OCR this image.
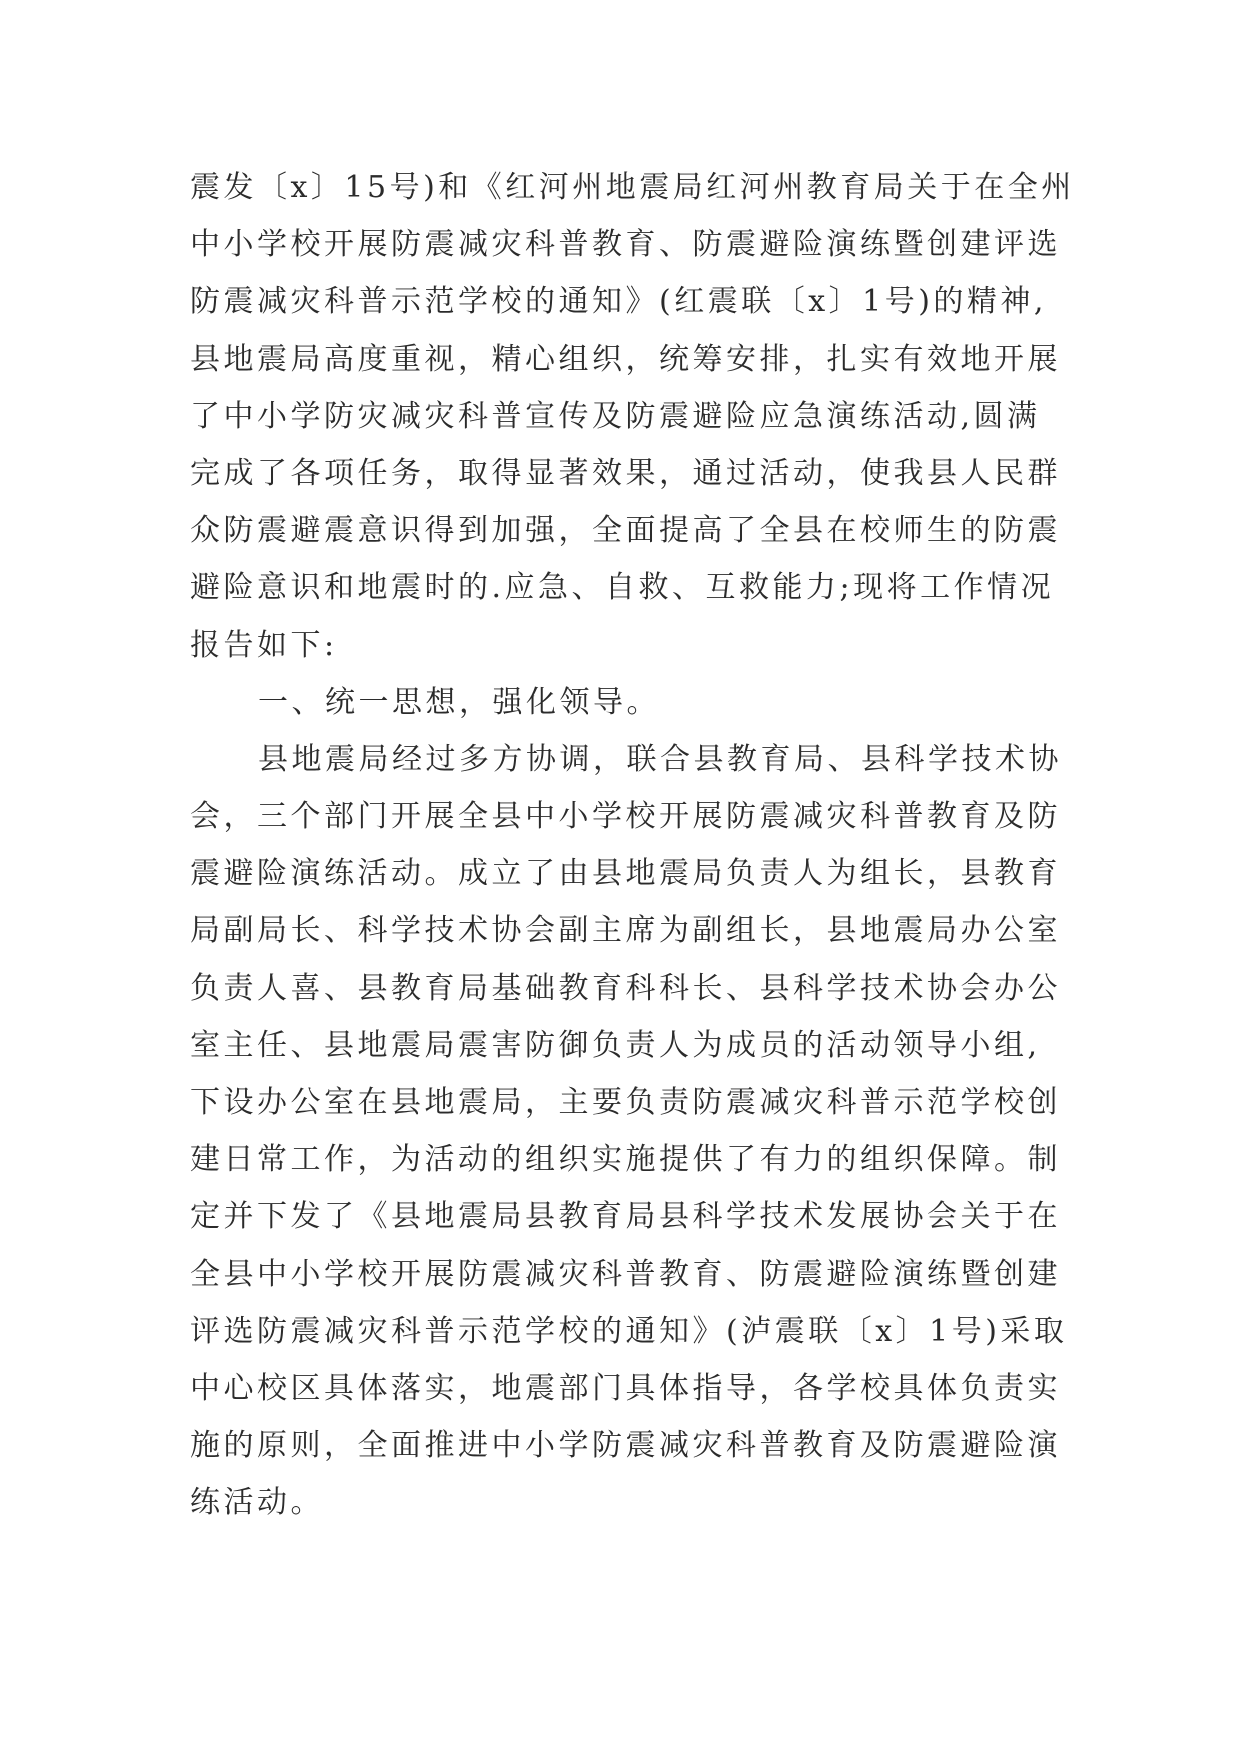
震发〔x〕15号)和《红河州地震局红河州教育局关于在全州
中小学校开展防震减灾科普教育、防震避险演练暨创建评选
防震减灾科普示范学校的通知》(红震联〔x〕1号)的精神,
县地震局高度重视，精心组织，统筹安排，扎实有效地开展
了中小学防灾减灾科普宣传及防震避险应急演练活动,圆满
完成了各项任务，取得显著效果，通过活动，使我县人民群
众防震避震意识得到加强，全面提高了全县在校师生的防震
避险意识和地震时的.应急、自救、互救能力;现将工作情况
报告如下:
一、统一思想，强化领导。
县地震局经过多方协调，联合县教育局、县科学技术协
会，三个部门开展全县中小学校开展防震减灾科普教育及防
震避险演练活动。成立了由县地震局负责人为组长，县教育
局副局长、科学技术协会副主席为副组长，县地震局办公室
负责人喜、县教育局基础教育科科长、县科学技术协会办公
室主任、县地震局震害防御负责人为成员的活动领导小组,
下设办公室在县地震局，主要负责防震减灾科普示范学校创
建日常工作，为活动的组织实施提供了有力的组织保障。制
定并下发了《县地震局县教育局县科学技术发展协会关于在
全县中小学校开展防震减灾科普教育、防震避险演练暨创建
评选防震减灾科普示范学校的通知》(泸震联〔x〕1号)采取
中心校区具体落实，地震部门具体指导，各学校具体负责实
施的原则，全面推进中小学防震减灾科普教育及防震避险演
练活动。
